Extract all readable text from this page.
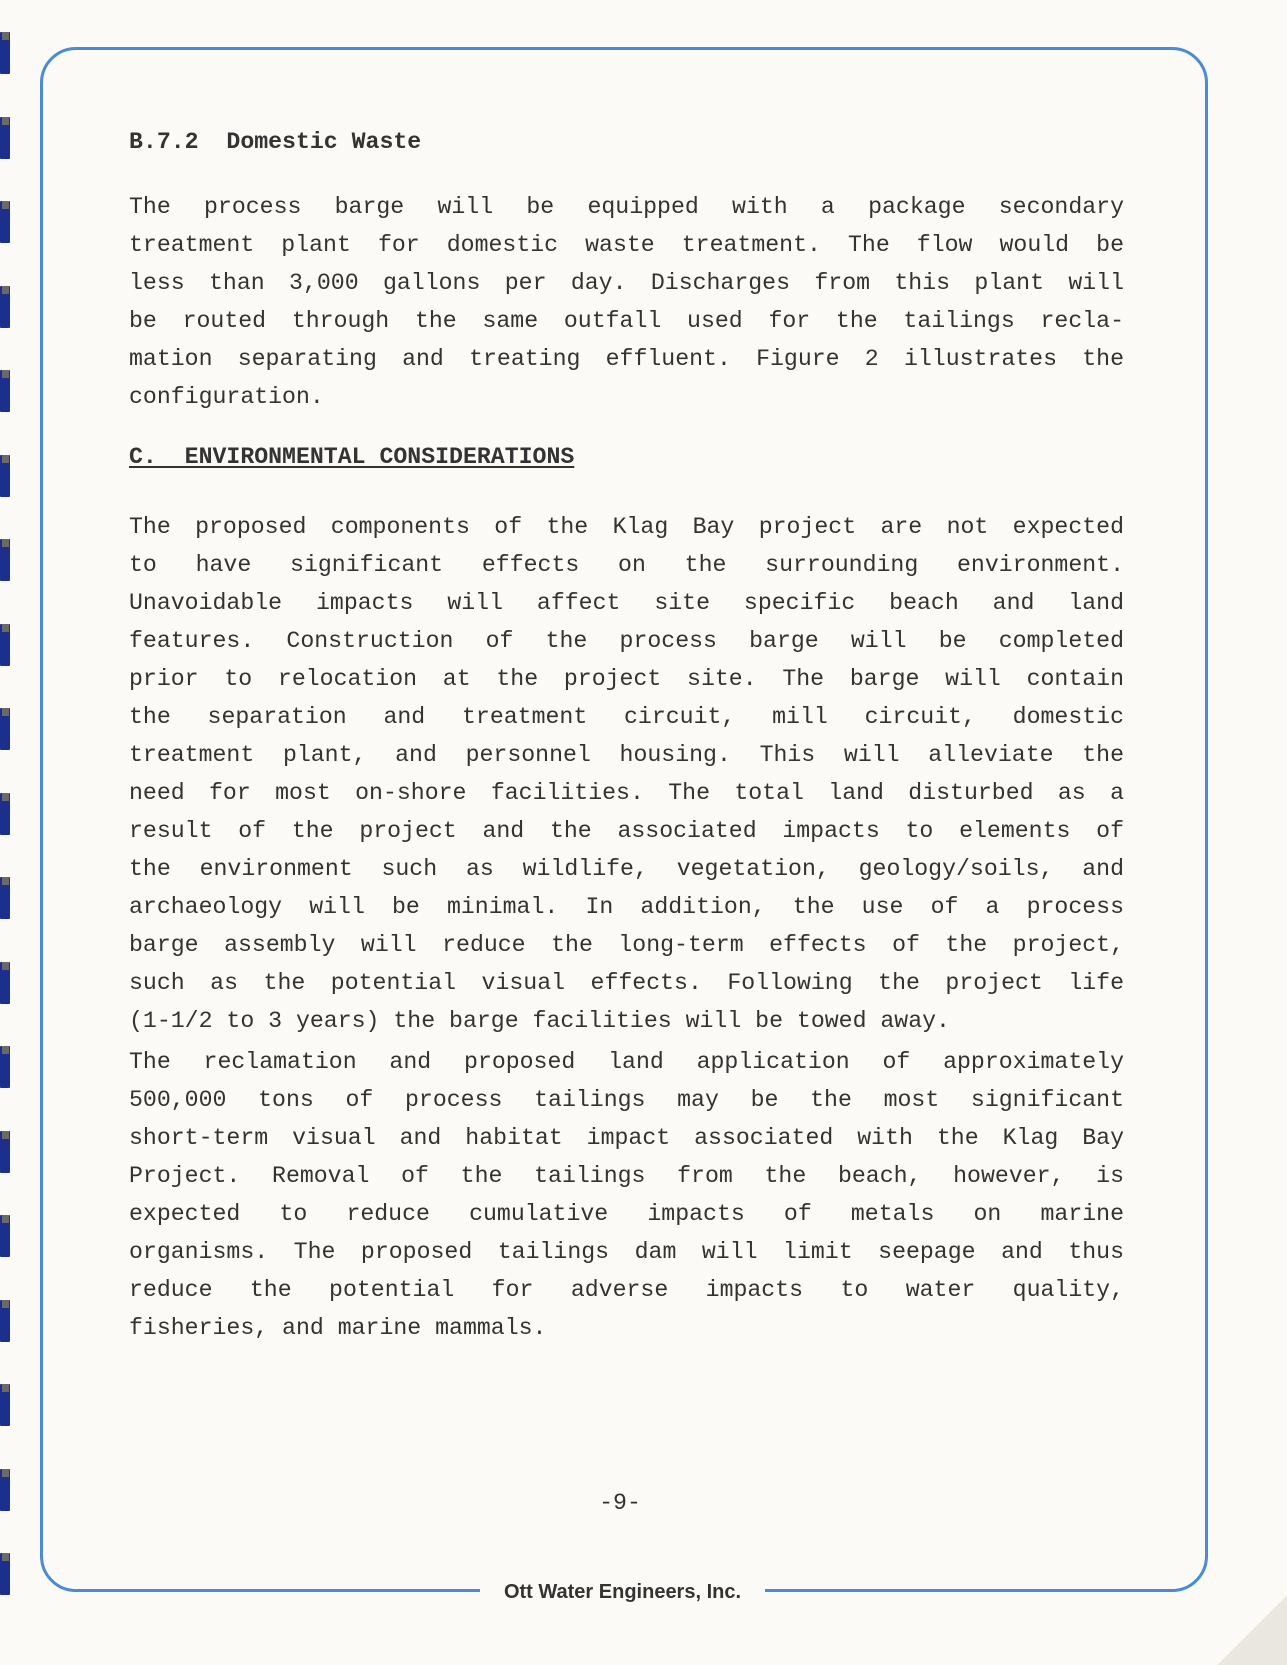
Ott Water Engineers, Inc.
B.7.2  Domestic Waste
The process barge will be equipped with a package secondary
treatment plant for domestic waste treatment. The flow would be
less than 3,000 gallons per day. Discharges from this plant will
be routed through the same outfall used for the tailings recla-
mation separating and treating effluent. Figure 2 illustrates the
configuration.
C.  ENVIRONMENTAL CONSIDERATIONS
The proposed components of the Klag Bay project are not expected
to have significant effects on the surrounding environment.
Unavoidable impacts will affect site specific beach and land
features. Construction of the process barge will be completed
prior to relocation at the project site. The barge will contain
the separation and treatment circuit, mill circuit, domestic
treatment plant, and personnel housing. This will alleviate the
need for most on-shore facilities. The total land disturbed as a
result of the project and the associated impacts to elements of
the environment such as wildlife, vegetation, geology/soils, and
archaeology will be minimal. In addition, the use of a process
barge assembly will reduce the long-term effects of the project,
such as the potential visual effects. Following the project life
(1-1/2 to 3 years) the barge facilities will be towed away.
The reclamation and proposed land application of approximately
500,000 tons of process tailings may be the most significant
short-term visual and habitat impact associated with the Klag Bay
Project. Removal of the tailings from the beach, however, is
expected to reduce cumulative impacts of metals on marine
organisms. The proposed tailings dam will limit seepage and thus
reduce the potential for adverse impacts to water quality,
fisheries, and marine mammals.
-9-
